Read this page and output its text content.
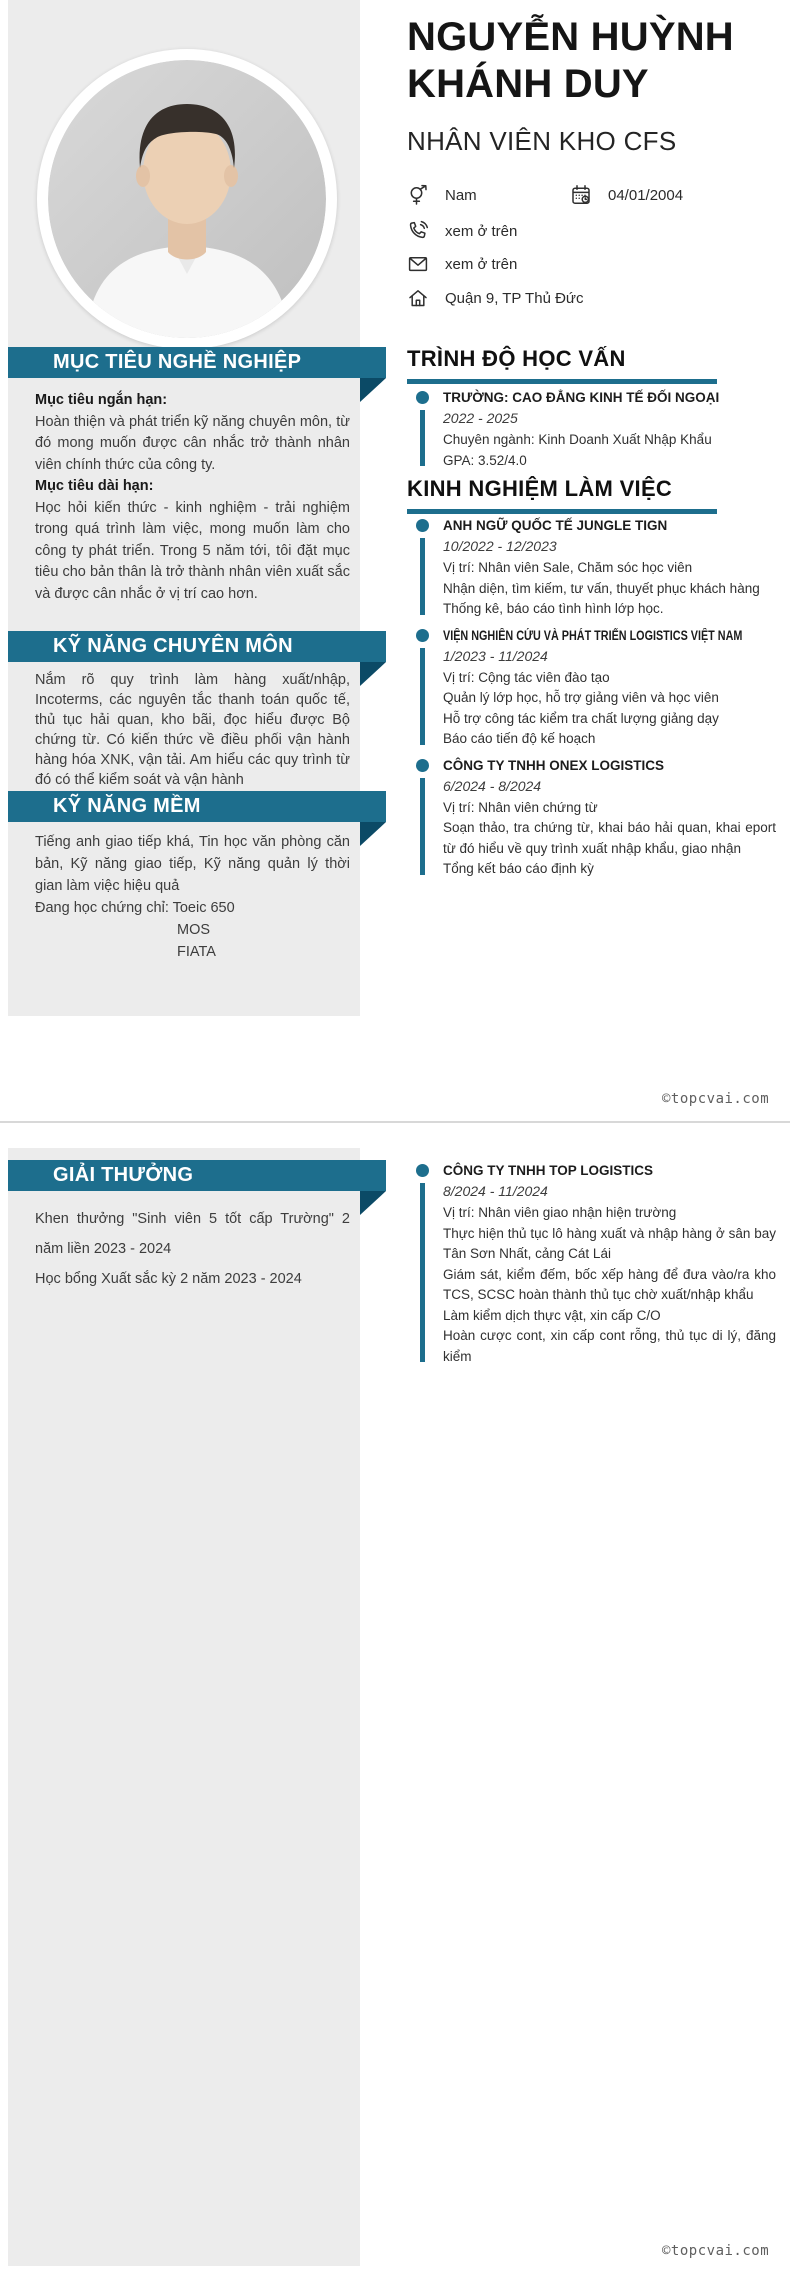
NGUYỄN HUỲNH KHÁNH DUY
NHÂN VIÊN KHO CFS
Nam	04/01/2004
xem ở trên
xem ở trên
Quận 9, TP Thủ Đức
MỤC TIÊU NGHỀ NGHIỆP

Mục tiêu ngắn hạn:

Hoàn thiện và phát triển kỹ năng chuyên môn, từ đó mong muốn được cân nhắc trở thành nhân viên chính thức của công ty.

Mục tiêu dài hạn:

Học hỏi kiến thức - kinh nghiệm - trải nghiệm trong quá trình làm việc, mong muốn làm cho công ty phát triển. Trong 5 năm tới, tôi đặt mục tiêu cho bản thân là trở thành nhân viên xuất sắc và được cân nhắc ở vị trí cao hơn.

KỸ NĂNG CHUYÊN MÔN

Nắm rõ quy trình làm hàng xuất/nhập, Incoterms, các nguyên tắc thanh toán quốc tế, thủ tục hải quan, kho bãi, đọc hiểu được Bộ chứng từ. Có kiến thức về điều phối vận hành hàng hóa XNK, vận tải. Am hiểu các quy trình từ đó có thể kiểm soát và vận hành

KỸ NĂNG MỀM

Tiếng anh giao tiếp khá, Tin học văn phòng căn bản, Kỹ năng giao tiếp, Kỹ năng quản lý thời gian làm việc hiệu quả

Đang học chứng chỉ: Toeic 650
MOS
FIATA
TRÌNH ĐỘ HỌC VẤN
TRƯỜNG: CAO ĐẲNG KINH TẾ ĐỐI NGOẠI
2022 - 2025
Chuyên ngành: Kinh Doanh Xuất Nhập Khẩu
GPA: 3.52/4.0
KINH NGHIỆM LÀM VIỆC
ANH NGỮ QUỐC TẾ JUNGLE TIGN
10/2022 - 12/2023
Vị trí: Nhân viên Sale, Chăm sóc học viên
Nhận diện, tìm kiếm, tư vấn, thuyết phục khách hàng
Thống kê, báo cáo tình hình lớp học.
VIỆN NGHIÊN CỨU VÀ PHÁT TRIỂN LOGISTICS VIỆT NAM
1/2023 - 11/2024
Vị trí: Cộng tác viên đào tạo
Quản lý lớp học, hỗ trợ giảng viên và học viên
Hỗ trợ công tác kiểm tra chất lượng giảng dạy
Báo cáo tiến độ kế hoạch
CÔNG TY TNHH ONEX LOGISTICS
6/2024 - 8/2024
Vị trí: Nhân viên chứng từ
Soạn thảo, tra chứng từ, khai báo hải quan, khai eport từ đó hiểu về quy trình xuất nhập khẩu, giao nhận
Tổng kết báo cáo định kỳ
©topcvai.com
GIẢI THƯỞNG

Khen thưởng "Sinh viên 5 tốt cấp Trường" 2 năm liền 2023 - 2024

Học bổng Xuất sắc kỳ 2 năm 2023 - 2024

CÔNG TY TNHH TOP LOGISTICS
8/2024 - 11/2024
Vị trí: Nhân viên giao nhận hiện trường
Thực hiện thủ tục lô hàng xuất và nhập hàng ở sân bay Tân Sơn Nhất, cảng Cát Lái
Giám sát, kiểm đếm, bốc xếp hàng để đưa vào/ra kho TCS, SCSC hoàn thành thủ tục chờ xuất/nhập khẩu
Làm kiểm dịch thực vật, xin cấp C/O
Hoàn cược cont, xin cấp cont rỗng, thủ tục di lý, đăng kiểm
©topcvai.com
